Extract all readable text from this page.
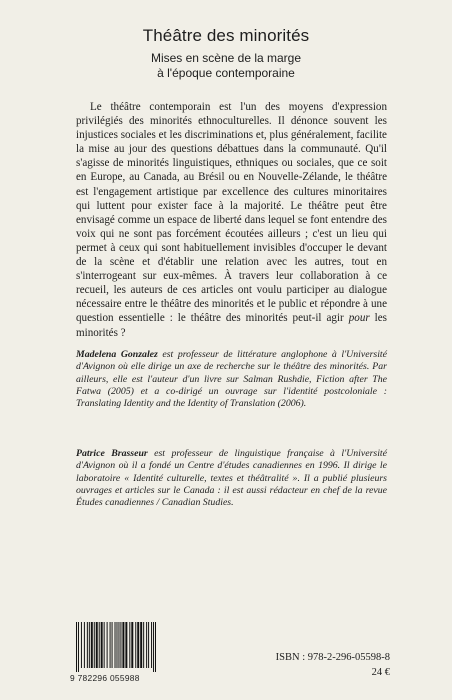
Théâtre des minorités
Mises en scène de la marge
à l'époque contemporaine

Le théâtre contemporain est l'un des moyens d'expression privilégiés des minorités ethnoculturelles. Il dénonce souvent les injustices sociales et les discriminations et, plus généralement, facilite la mise au jour des questions débattues dans la communauté. Qu'il s'agisse de minorités linguistiques, ethniques ou sociales, que ce soit en Europe, au Canada, au Brésil ou en Nouvelle-Zélande, le théâtre est l'engagement artistique par excellence des cultures minoritaires qui luttent pour exister face à la majorité. Le théâtre peut être envisagé comme un espace de liberté dans lequel se font entendre des voix qui ne sont pas forcément écoutées ailleurs ; c'est un lieu qui permet à ceux qui sont habituellement invisibles d'occuper le devant de la scène et d'établir une relation avec les autres, tout en s'interrogeant sur eux-mêmes. À travers leur collaboration à ce recueil, les auteurs de ces articles ont voulu participer au dialogue nécessaire entre le théâtre des minorités et le public et répondre à une question essentielle : le théâtre des minorités peut-il agir pour les minorités ?

Madelena Gonzalez est professeur de littérature anglophone à l'Université d'Avignon où elle dirige un axe de recherche sur le théâtre des minorités. Par ailleurs, elle est l'auteur d'un livre sur Salman Rushdie, Fiction after The Fatwa (2005) et a co-dirigé un ouvrage sur l'identité postcoloniale : Translating Identity and the Identity of Translation (2006).

Patrice Brasseur est professeur de linguistique française à l'Université d'Avignon où il a fondé un Centre d'études canadiennes en 1996. Il dirige le laboratoire « Identité culturelle, textes et théâtralité ». Il a publié plusieurs ouvrages et articles sur le Canada : il est aussi rédacteur en chef de la revue Études canadiennes / Canadian Studies.

9 782296 055988
ISBN : 978-2-296-05598-8
24 €
